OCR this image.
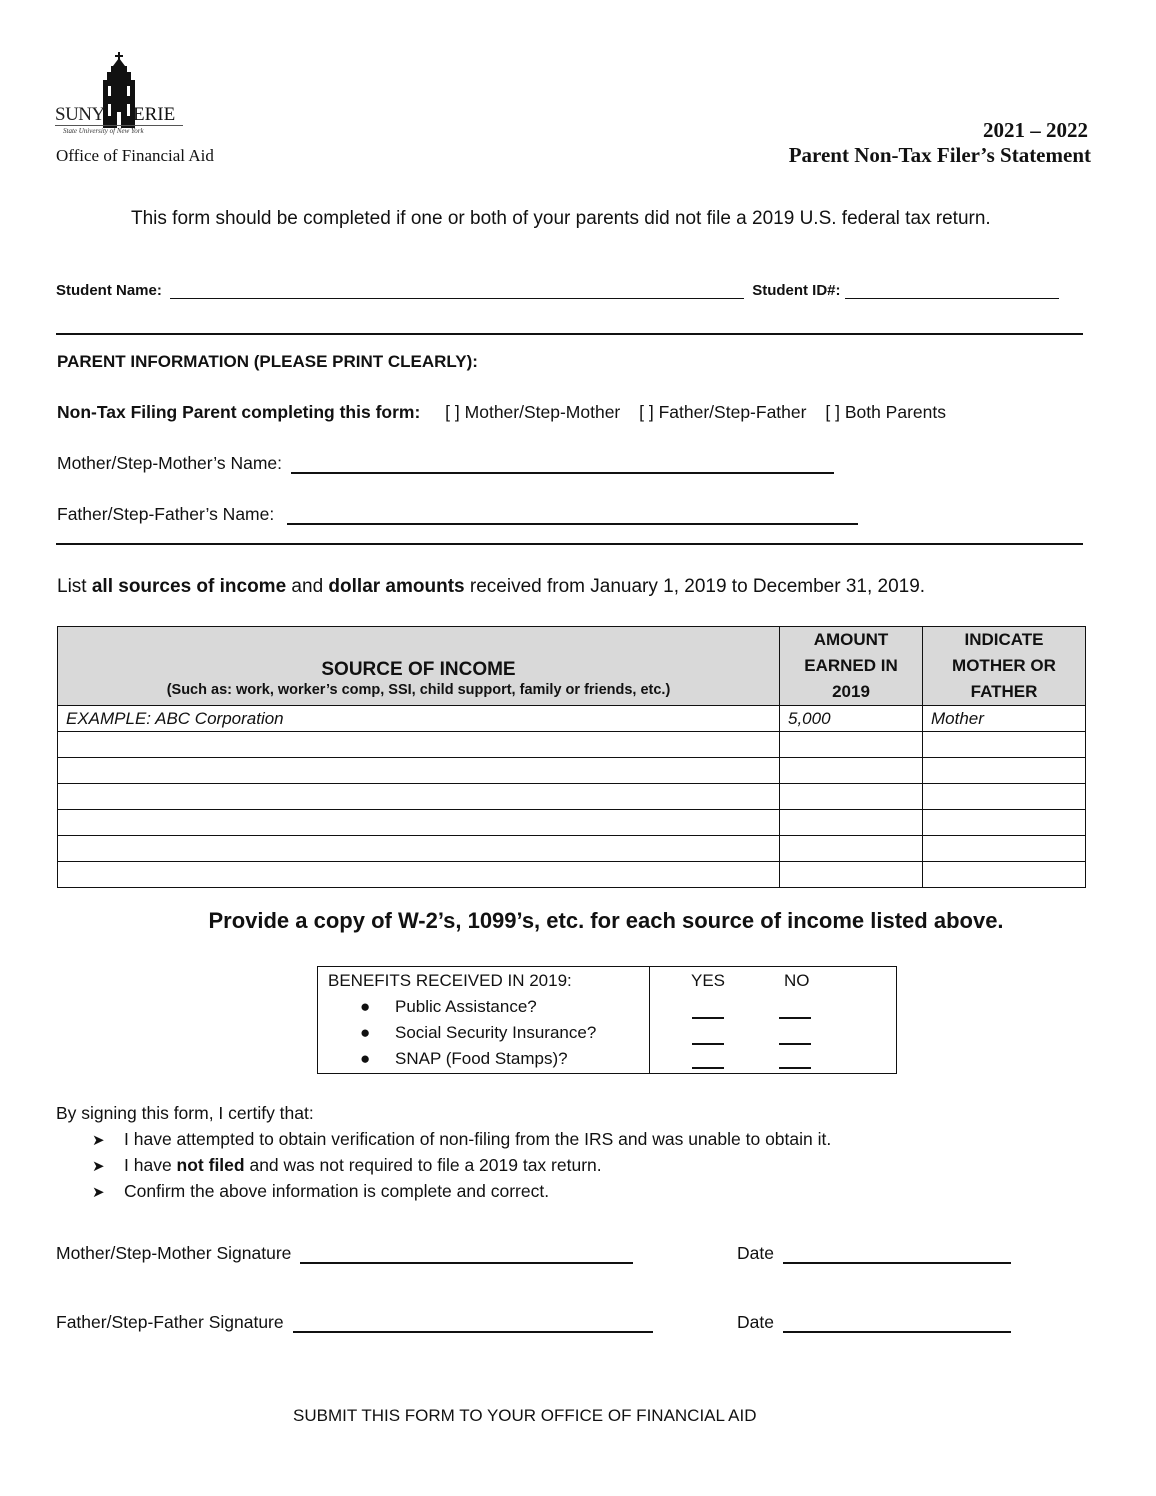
SUNY ERIE
State University of New York
Office of Financial Aid
2021 – 2022
Parent Non-Tax Filer’s Statement
This form should be completed if one or both of your parents did not file a 2019 U.S. federal tax return.
Student Name:	Student ID#:
PARENT INFORMATION (PLEASE PRINT CLEARLY):
Non-Tax Filing Parent completing this form: [ ] Mother/Step-Mother [ ] Father/Step-Father [ ] Both Parents
Mother/Step-Mother’s Name:
Father/Step-Father’s Name:
List all sources of income and dollar amounts received from January 1, 2019 to December 31, 2019.
SOURCE OF INCOME
(Such as: work, worker’s comp, SSI, child support, family or friends, etc.)	AMOUNT EARNED IN 2019	INDICATE MOTHER OR FATHER
EXAMPLE: ABC Corporation	5,000	Mother

Provide a copy of W-2’s, 1099’s, etc. for each source of income listed above.
BENEFITS RECEIVED IN 2019:	YES	NO
● Public Assistance?
● Social Security Insurance?
● SNAP (Food Stamps)?
By signing this form, I certify that:
➤ I have attempted to obtain verification of non-filing from the IRS and was unable to obtain it.
➤ I have not filed and was not required to file a 2019 tax return.
➤ Confirm the above information is complete and correct.
Mother/Step-Mother Signature	Date
Father/Step-Father Signature	Date
SUBMIT THIS FORM TO YOUR OFFICE OF FINANCIAL AID
